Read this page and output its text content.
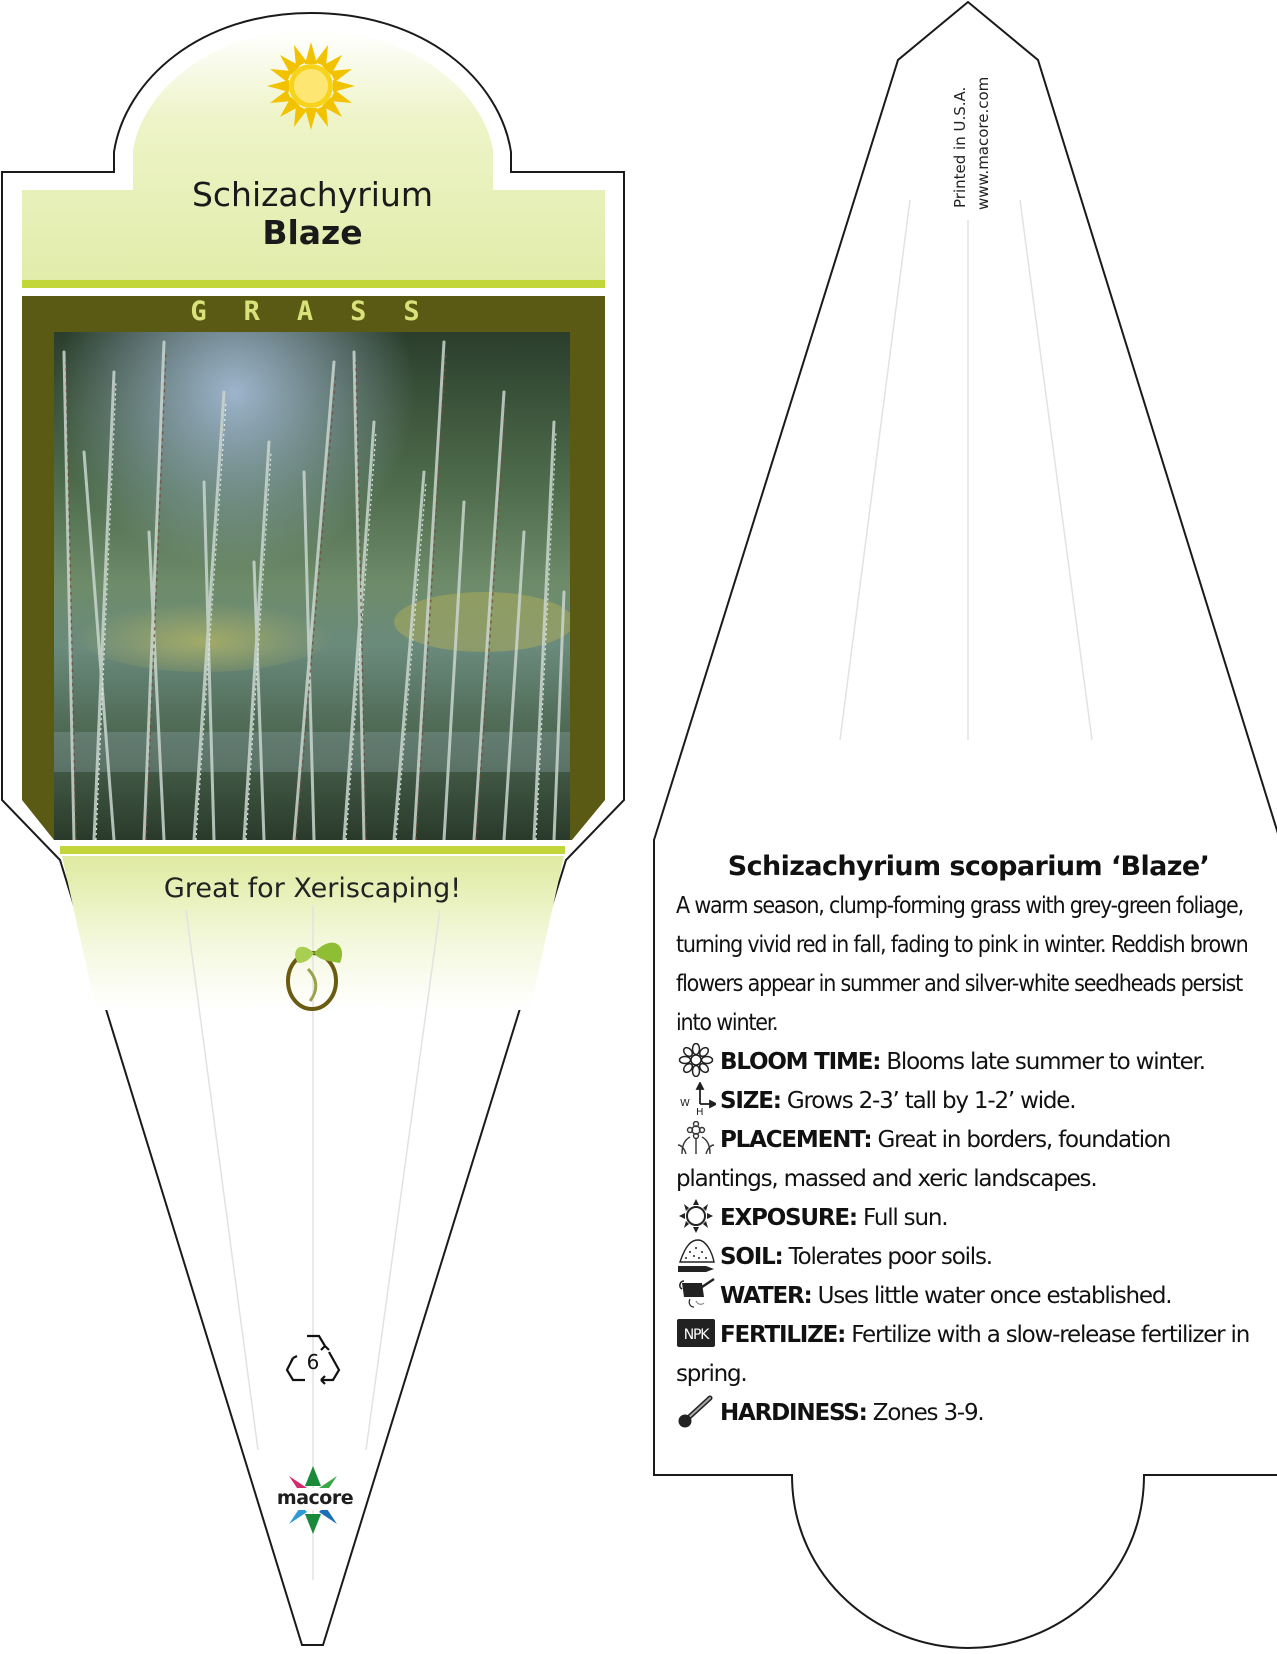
Schizachyrium
Blaze
GRASS
Great for Xeriscaping!
6
macore
Printed in U.S.A. www.macore.com
Schizachyrium scoparium ‘Blaze’
A warm season, clump-forming grass with grey-green foliage, turning vivid red in fall, fading to pink in winter. Reddish brown flowers appear in summer and silver-white seedheads persist into winter.
BLOOM TIME: Blooms late summer to winter.
W
H SIZE: Grows 2-3’ tall by 1-2’ wide.
PLACEMENT: Great in borders, foundation plantings, massed and xeric landscapes.
EXPOSURE: Full sun.
SOIL: Tolerates poor soils.
WATER: Uses little water once established.
NPK FERTILIZE: Fertilize with a slow-release fertilizer in spring.
HARDINESS: Zones 3-9.
